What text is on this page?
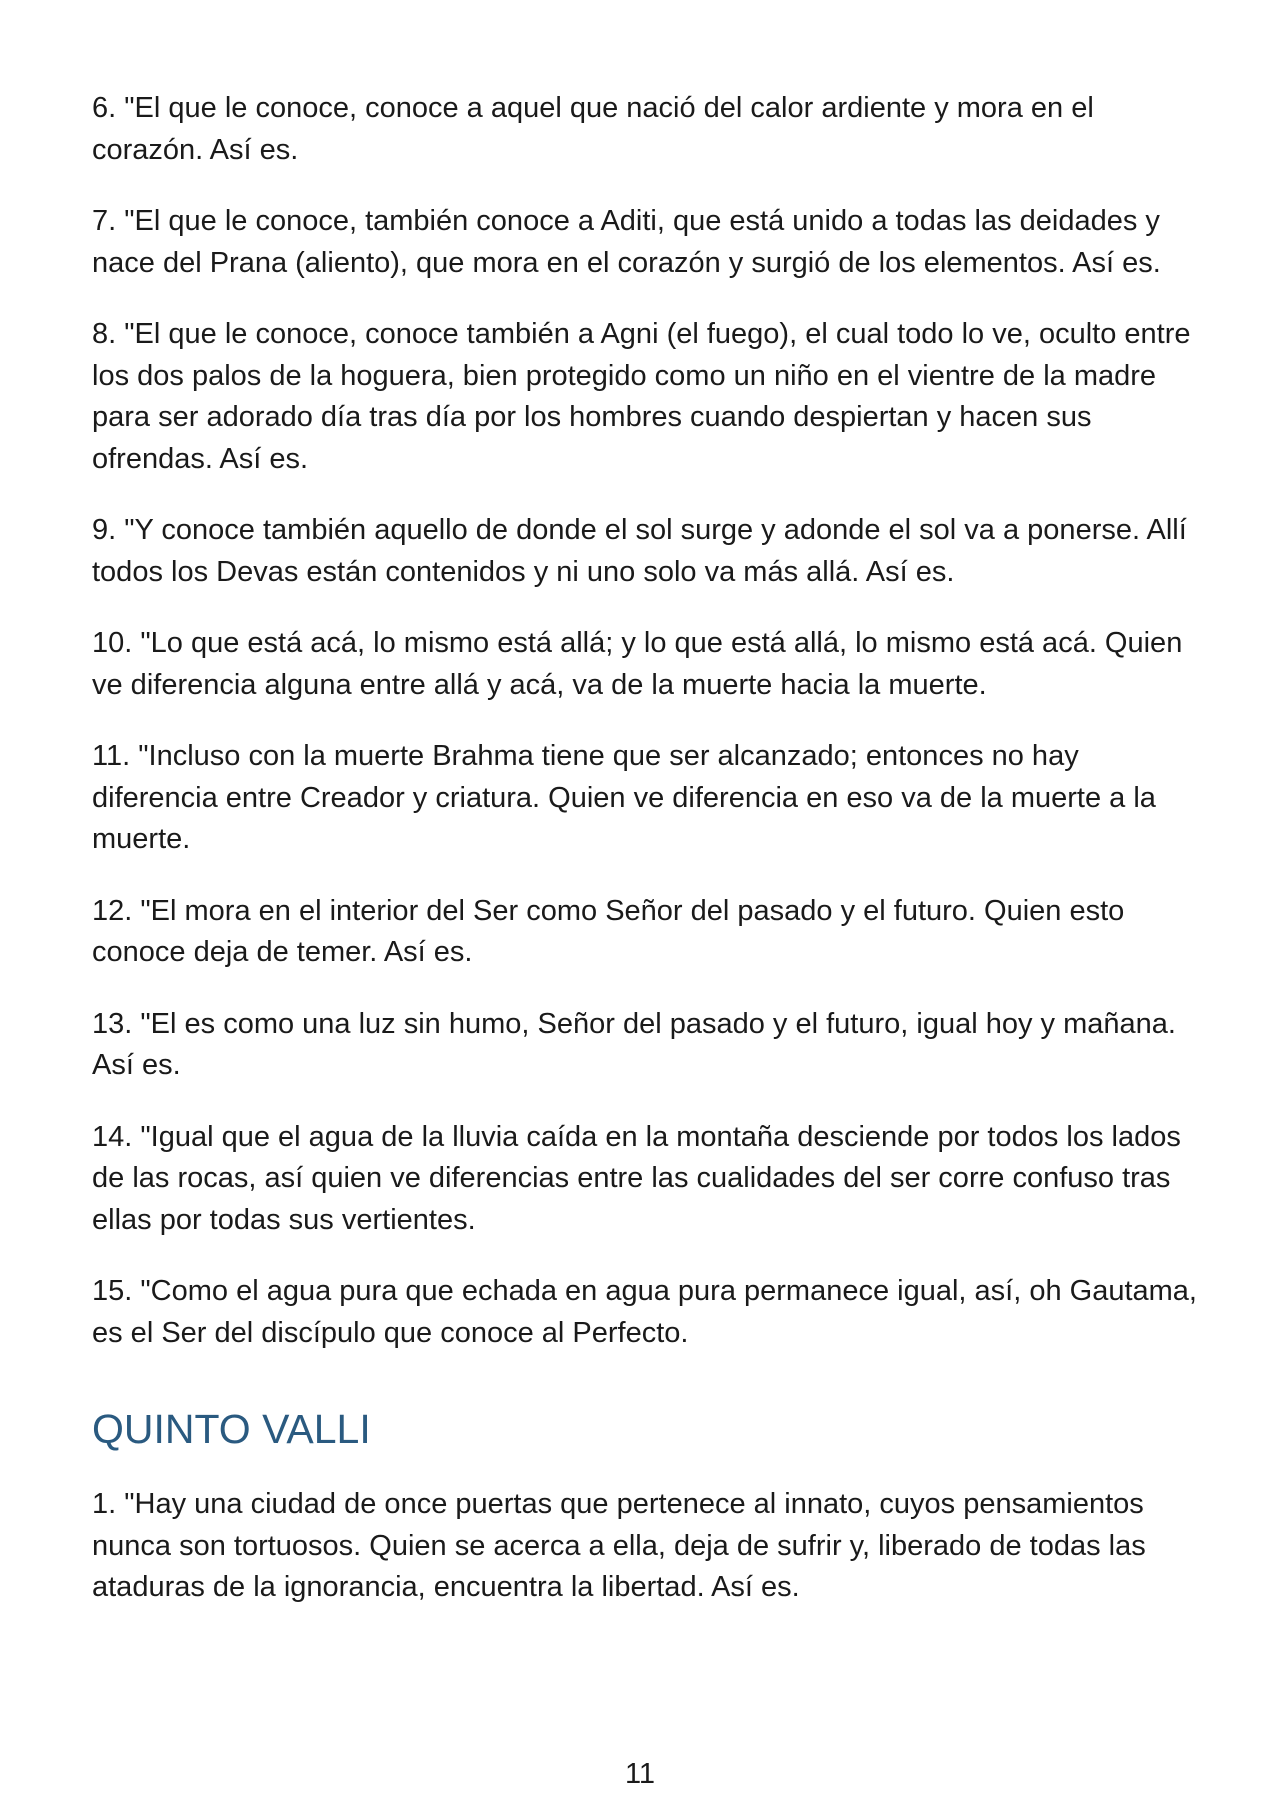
6. "El que le conoce, conoce a aquel que nació del calor ardiente y mora en el corazón. Así es.

7. "El que le conoce, también conoce a Aditi, que está unido a todas las deidades y nace del Prana (aliento), que mora en el corazón y surgió de los elementos. Así es.

8. "El que le conoce, conoce también a Agni (el fuego), el cual todo lo ve, oculto entre los dos palos de la hoguera, bien protegido como un niño en el vientre de la madre para ser adorado día tras día por los hombres cuando despiertan y hacen sus ofrendas. Así es.

9. "Y conoce también aquello de donde el sol surge y adonde el sol va a ponerse. Allí todos los Devas están contenidos y ni uno solo va más allá. Así es.

10. "Lo que está acá, lo mismo está allá; y lo que está allá, lo mismo está acá. Quien ve diferencia alguna entre allá y acá, va de la muerte hacia la muerte.

11. "Incluso con la muerte Brahma tiene que ser alcanzado; entonces no hay diferencia entre Creador y criatura. Quien ve diferencia en eso va de la muerte a la muerte.

12. "El mora en el interior del Ser como Señor del pasado y el futuro. Quien esto conoce deja de temer. Así es.

13. "El es como una luz sin humo, Señor del pasado y el futuro, igual hoy y mañana. Así es.

14. "Igual que el agua de la lluvia caída en la montaña desciende por todos los lados de las rocas, así quien ve diferencias entre las cualidades del ser corre confuso tras ellas por todas sus vertientes.

15. "Como el agua pura que echada en agua pura permanece igual, así, oh Gautama, es el Ser del discípulo que conoce al Perfecto.

QUINTO VALLI

1. "Hay una ciudad de once puertas que pertenece al innato, cuyos pensamientos nunca son tortuosos. Quien se acerca a ella, deja de sufrir y, liberado de todas las ataduras de la ignorancia, encuentra la libertad. Así es.

11
